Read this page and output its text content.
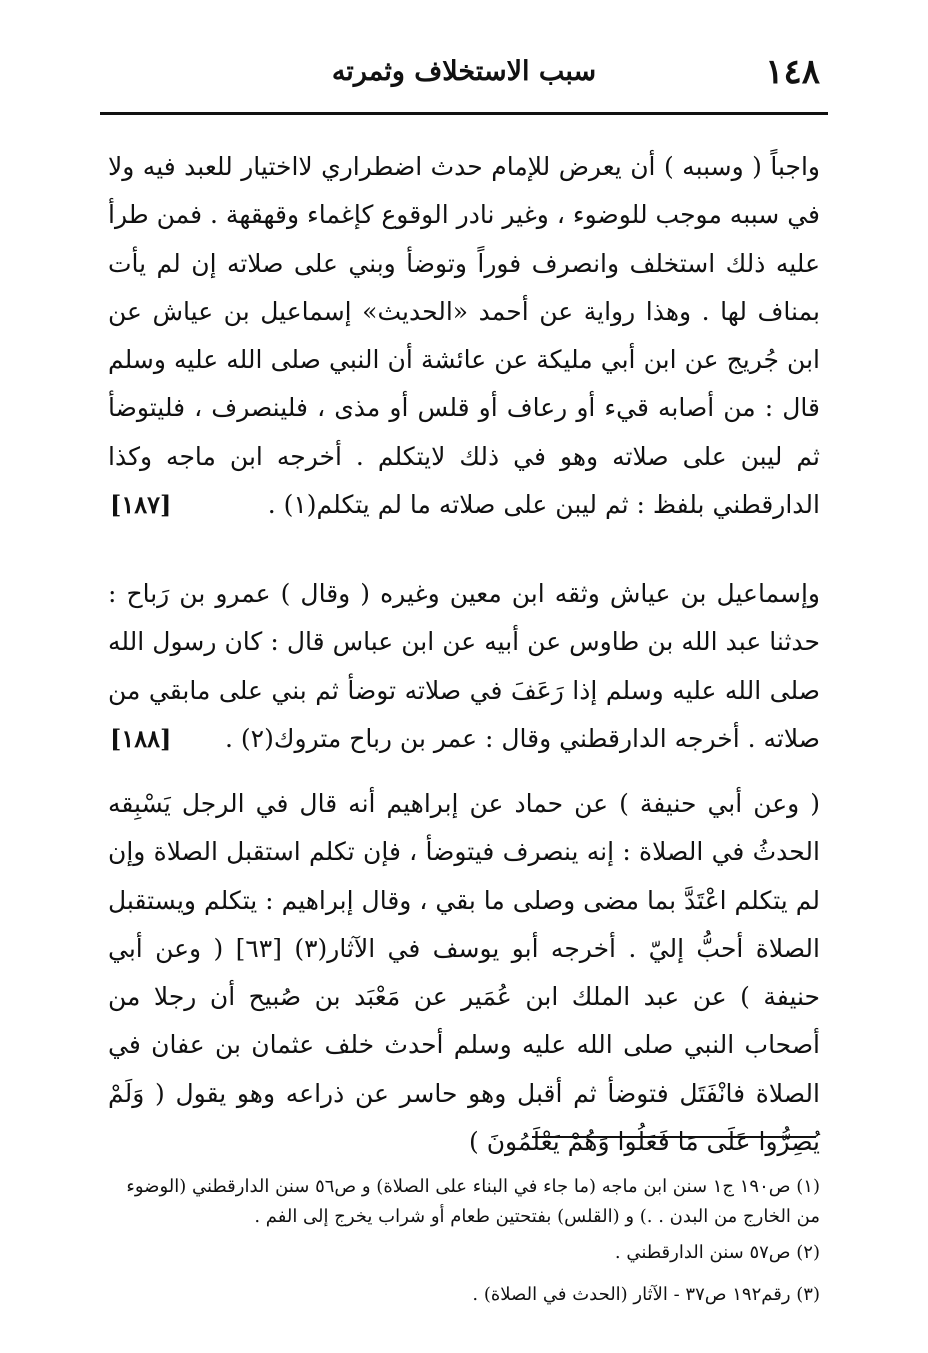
١٤٨
سبب الاستخلاف وثمرته
واجباً ( وسببه ) أن يعرض للإمام حدث اضطراري لااختيار للعبد فيه ولا في سببه موجب للوضوء ، وغير نادر الوقوع كإغماء وقهقهة . فمن طرأ عليه ذلك استخلف وانصرف فوراً وتوضأ وبني على صلاته إن لم يأت بمناف لها . وهذا رواية عن أحمد «الحديث» إسماعيل بن عياش عن ابن جُريج عن ابن أبي مليكة عن عائشة أن النبي صلى الله عليه وسلم قال : من أصابه قيء أو رعاف أو قلس أو مذى ، فلينصرف ، فليتوضأ ثم ليبن على صلاته وهو في ذلك لايتكلم . أخرجه ابن ماجه وكذا الدارقطني بلفظ : ثم ليبن على صلاته ما لم يتكلم(١) .
[١٨٧]
وإسماعيل بن عياش وثقه ابن معين وغيره ( وقال ) عمرو بن رَباح : حدثنا عبد الله بن طاوس عن أبيه عن ابن عباس قال : كان رسول الله صلى الله عليه وسلم إذا رَعَفَ في صلاته توضأ ثم بني على مابقي من صلاته . أخرجه الدارقطني وقال : عمر بن رباح متروك(٢) .
[١٨٨]
( وعن أبي حنيفة ) عن حماد عن إبراهيم أنه قال في الرجل يَسْبِقه الحدثُ في الصلاة : إنه ينصرف فيتوضأ ، فإن تكلم استقبل الصلاة وإن لم يتكلم اعْتَدَّ بما مضى وصلى ما بقي ، وقال إبراهيم : يتكلم ويستقبل الصلاة أحبُّ إليّ . أخرجه أبو يوسف في الآثار(٣) [٦٣] ( وعن أبي حنيفة ) عن عبد الملك ابن عُمَير عن مَعْبَد بن صُبيح أن رجلا من أصحاب النبي صلى الله عليه وسلم أحدث خلف عثمان بن عفان في الصلاة فانْفَتَل فتوضأ ثم أقبل وهو حاسر عن ذراعه وهو يقول ( وَلَمْ يُصِرُّوا عَلَى مَا فَعَلُوا وَهُمْ يَعْلَمُونَ )
(١) ص١٩٠ ج١ سنن ابن ماجه (ما جاء في البناء على الصلاة) و ص٥٦ سنن الدارقطني (الوضوء من الخارج من البدن . .) و (القلس) بفتحتين طعام أو شراب يخرج إلى الفم .
(٢) ص٥٧ سنن الدارقطني .
(٣) رقم١٩٢ ص٣٧ - الآثار (الحدث في الصلاة) .
